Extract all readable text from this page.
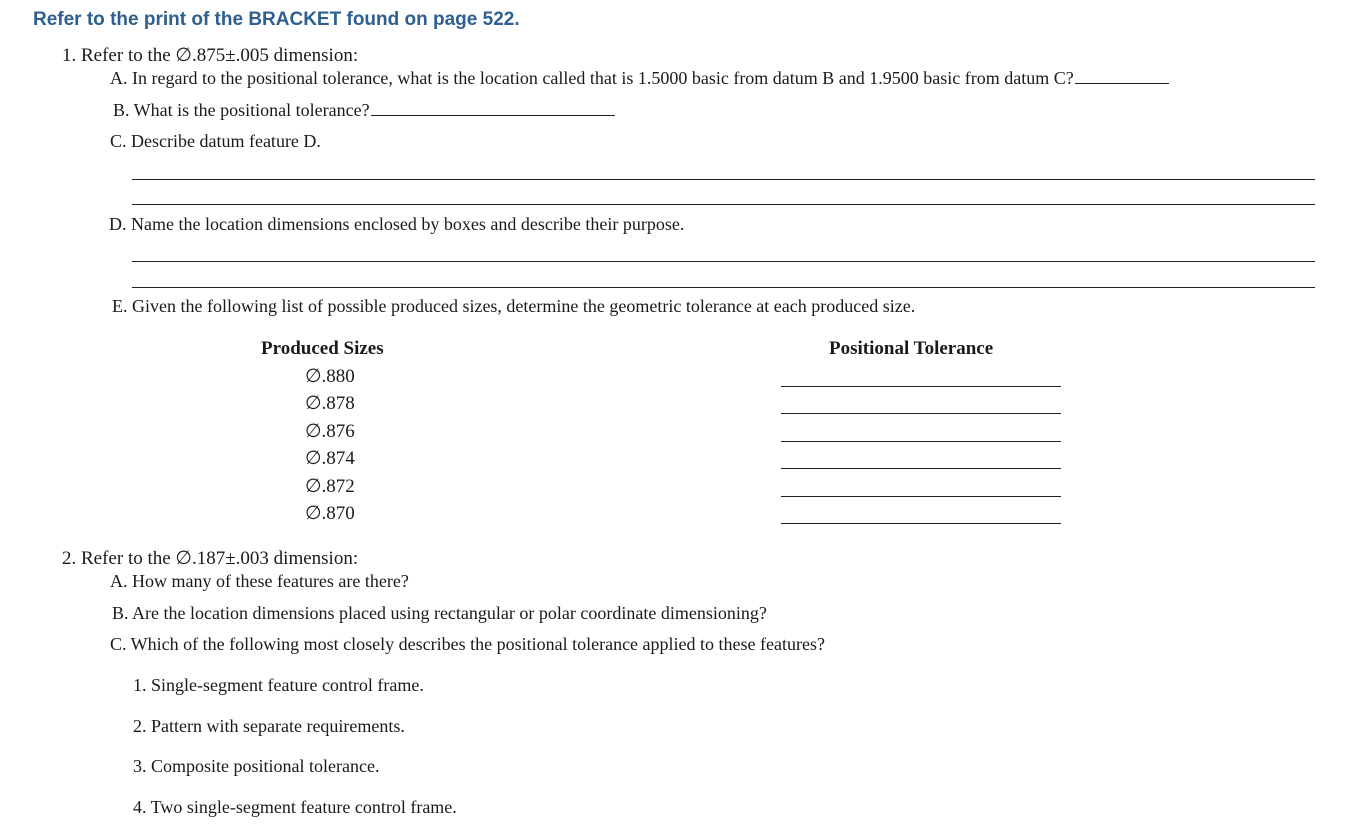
Refer to the print of the BRACKET found on page 522.
1. Refer to the ∅.875±.005 dimension:
A. In regard to the positional tolerance, what is the location called that is 1.5000 basic from datum B and 1.9500 basic from datum C?
B. What is the positional tolerance?
C. Describe datum feature D.
D. Name the location dimensions enclosed by boxes and describe their purpose.
E. Given the following list of possible produced sizes, determine the geometric tolerance at each produced size.
Produced Sizes	Positional Tolerance
∅.880
∅.878
∅.876
∅.874
∅.872
∅.870
2. Refer to the ∅.187±.003 dimension:
A. How many of these features are there?
B. Are the location dimensions placed using rectangular or polar coordinate dimensioning?
C. Which of the following most closely describes the positional tolerance applied to these features?
1. Single-segment feature control frame.
2. Pattern with separate requirements.
3. Composite positional tolerance.
4. Two single-segment feature control frame.
